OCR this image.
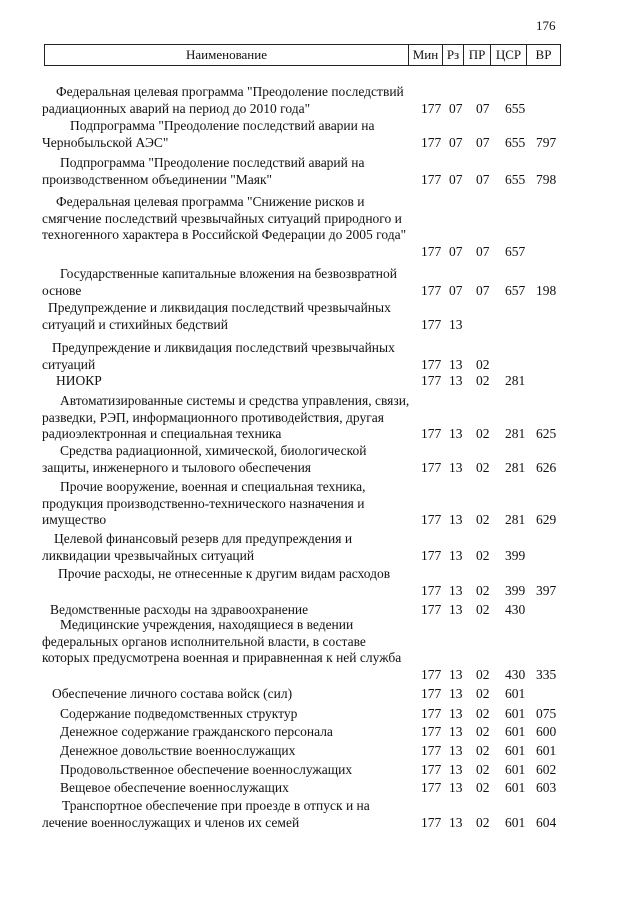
176
Наименование	Мин	Рз	ПР	ЦСР	ВР
Федеральная целевая программа "Преодоление последствий радиационных аварий на период до 2010 года"	177 07 07 655
Подпрограмма "Преодоление последствий аварии на Чернобыльской АЭС"	177 07 07 655 797
Подпрограмма "Преодоление последствий аварий на производственном объединении "Маяк"	177 07 07 655 798
Федеральная целевая программа "Снижение рисков и смягчение последствий чрезвычайных ситуаций природного и техногенного характера в Российской Федерации до 2005 года"
177 07 07 657
Государственные капитальные вложения на безвозвратной основе	177 07 07 657 198
Предупреждение и ликвидация последствий чрезвычайных ситуаций и стихийных бедствий	177 13
Предупреждение и ликвидация последствий чрезвычайных ситуаций	177 13 02
НИОКР	177 13 02 281
Автоматизированные системы и средства управления, связи, разведки, РЭП, информационного противодействия, другая радиоэлектронная и специальная техника	177 13 02 281 625
Средства радиационной, химической, биологической защиты, инженерного и тылового обеспечения	177 13 02 281 626
Прочие вооружение, военная и специальная техника, продукция производственно-технического назначения и имущество	177 13 02 281 629
Целевой финансовый резерв для предупреждения и ликвидации чрезвычайных ситуаций	177 13 02 399
Прочие расходы, не отнесенные к другим видам расходов
177 13 02 399 397
Ведомственные расходы на здравоохранение	177 13 02 430
Медицинские учреждения, находящиеся в ведении федеральных органов исполнительной власти, в составе которых предусмотрена военная и приравненная к ней служба
177 13 02 430 335
Обеспечение личного состава войск (сил)	177 13 02 601
Содержание подведомственных структур	177 13 02 601 075
Денежное содержание гражданского персонала	177 13 02 601 600
Денежное довольствие военнослужащих	177 13 02 601 601
Продовольственное обеспечение военнослужащих	177 13 02 601 602
Вещевое обеспечение военнослужащих	177 13 02 601 603
Транспортное обеспечение при проезде в отпуск и на лечение военнослужащих и членов их семей	177 13 02 601 604
